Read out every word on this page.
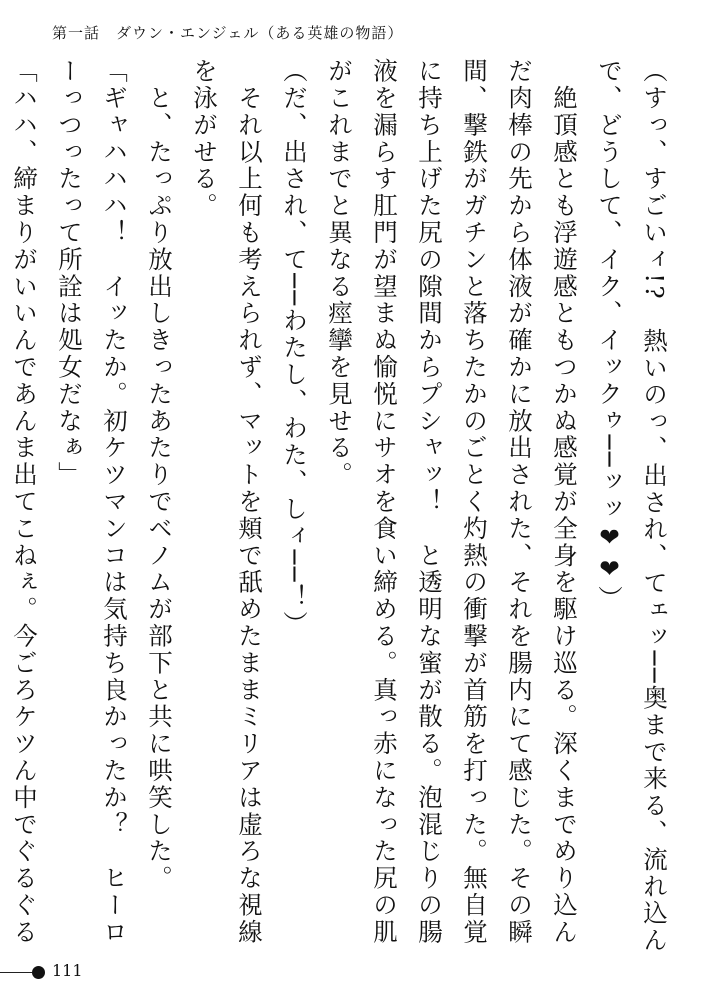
第一話　ダウン・エンジェル（ある英雄の物語）

（すっ、すごいィ!?　熱いのっ、出され、てェッ──奥まで来る、流れ込んで、どうして、イク、イックゥ──ッッ❤❤）

　絶頂感とも浮遊感ともつかぬ感覚が全身を駆け巡る。深くまでめり込んだ肉棒の先から体液が確かに放出された、それを腸内にて感じた。その瞬間、撃鉄がガチンと落ちたかのごとく灼熱の衝撃が首筋を打った。無自覚に持ち上げた尻の隙間からプシャッ！　と透明な蜜が散る。泡混じりの腸液を漏らす肛門が望まぬ愉悦にサオを食い締める。真っ赤になった尻の肌がこれまでと異なる痙攣を見せる。

（だ、出され、て──わたし、わた、しィ──！）

　それ以上何も考えられず、マットを頬で舐めたままミリアは虚ろな視線を泳がせる。

　と、たっぷり放出しきったあたりでベノムが部下と共に哄笑した。

「ギャハハハ！　イッたか。初ケツマンコは気持ち良かったか？　ヒーローっつったって所詮は処女だなぁ」

「ハハ、締まりがいいんであんま出てこねぇ。今ごろケツん中でぐるぐる

111
